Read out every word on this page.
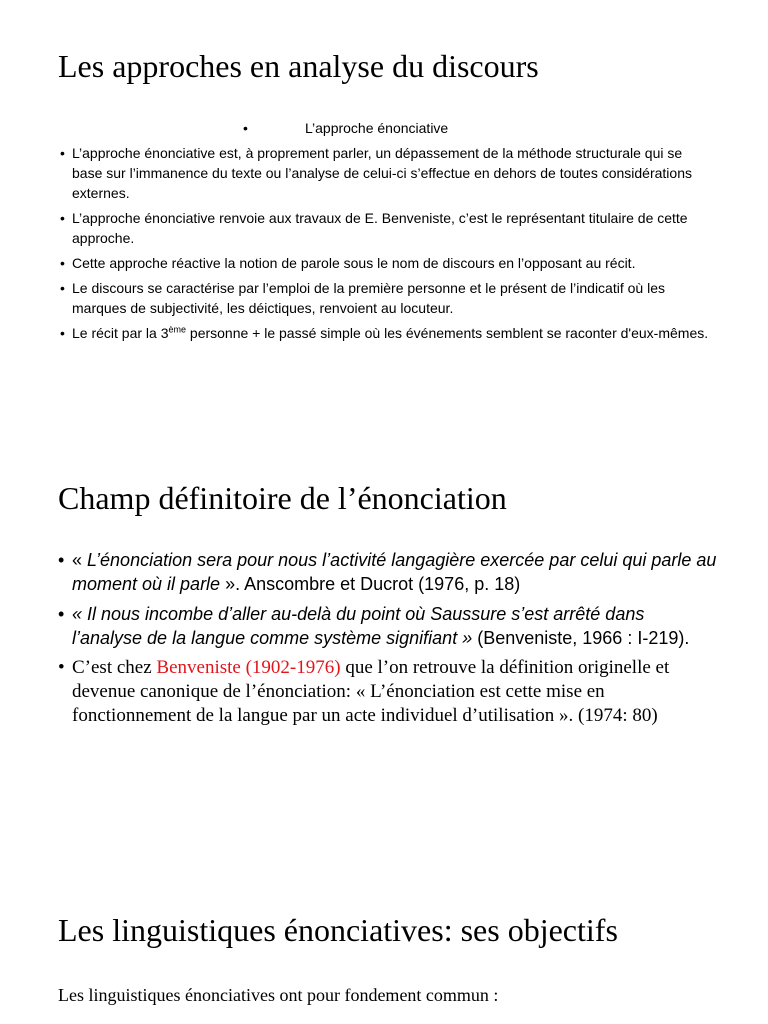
Les approches en analyse du discours
•	L’approche énonciative
• L’approche énonciative est, à proprement parler, un dépassement de la méthode structurale qui se base sur l’immanence du texte ou l’analyse de celui-ci s’effectue en dehors de toutes considérations externes.
• L’approche énonciative renvoie aux travaux de E. Benveniste, c’est le représentant titulaire de cette approche.
• Cette approche réactive la notion de parole sous le nom de discours en l’opposant au récit.
• Le discours se caractérise par l’emploi de la première personne et le présent de l’indicatif où les marques de subjectivité, les déictiques, renvoient au locuteur.
• Le récit par la 3ème personne + le passé simple où les événements semblent se raconter d'eux-mêmes.
Champ définitoire de l’énonciation
• « L’énonciation sera pour nous l’activité langagière exercée par celui qui parle au moment où il parle ». Anscombre et Ducrot (1976, p. 18)
• « Il nous incombe d’aller au-delà du point où Saussure s’est arrêté dans l’analyse de la langue comme système signifiant » (Benveniste, 1966 : I-219).
• C’est chez Benveniste (1902-1976) que l’on retrouve la définition originelle et devenue canonique de l’énonciation: « L’énonciation est cette mise en fonctionnement de la langue par un acte individuel d’utilisation ». (1974: 80)
Les linguistiques énonciatives: ses objectifs
Les linguistiques énonciatives ont pour fondement commun :
